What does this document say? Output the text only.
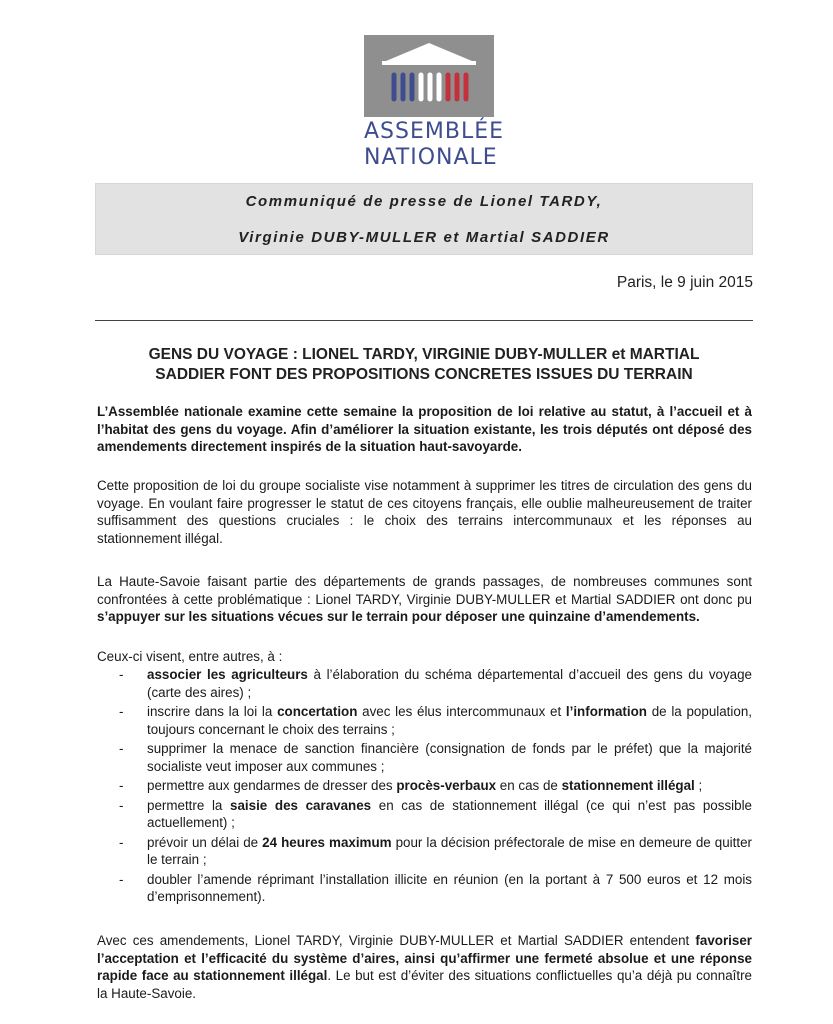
ASSEMBLÉE
NATIONALE
Communiqué de presse de Lionel TARDY,
Virginie DUBY-MULLER et Martial SADDIER
Paris, le 9 juin 2015
GENS DU VOYAGE : LIONEL TARDY, VIRGINIE DUBY-MULLER et MARTIAL
SADDIER FONT DES PROPOSITIONS CONCRETES ISSUES DU TERRAIN
L’Assemblée nationale examine cette semaine la proposition de loi relative au statut, à l’accueil et à l’habitat des gens du voyage. Afin d’améliorer la situation existante, les trois députés ont déposé des amendements directement inspirés de la situation haut-savoyarde.
Cette proposition de loi du groupe socialiste vise notamment à supprimer les titres de circulation des gens du voyage. En voulant faire progresser le statut de ces citoyens français, elle oublie malheureusement de traiter suffisamment des questions cruciales : le choix des terrains intercommunaux et les réponses au stationnement illégal.
La Haute-Savoie faisant partie des départements de grands passages, de nombreuses communes sont confrontées à cette problématique : Lionel TARDY, Virginie DUBY-MULLER et Martial SADDIER ont donc pu s’appuyer sur les situations vécues sur le terrain pour déposer une quinzaine d’amendements.
Ceux-ci visent, entre autres, à :
- associer les agriculteurs à l’élaboration du schéma départemental d’accueil des gens du voyage (carte des aires) ;
- inscrire dans la loi la concertation avec les élus intercommunaux et l’information de la population, toujours concernant le choix des terrains ;
- supprimer la menace de sanction financière (consignation de fonds par le préfet) que la majorité socialiste veut imposer aux communes ;
- permettre aux gendarmes de dresser des procès-verbaux en cas de stationnement illégal ;
- permettre la saisie des caravanes en cas de stationnement illégal (ce qui n’est pas possible actuellement) ;
- prévoir un délai de 24 heures maximum pour la décision préfectorale de mise en demeure de quitter le terrain ;
- doubler l’amende réprimant l’installation illicite en réunion (en la portant à 7 500 euros et 12 mois d’emprisonnement).
Avec ces amendements, Lionel TARDY, Virginie DUBY-MULLER et Martial SADDIER entendent favoriser l’acceptation et l’efficacité du système d’aires, ainsi qu’affirmer une fermeté absolue et une réponse rapide face au stationnement illégal. Le but est d’éviter des situations conflictuelles qu’a déjà pu connaître la Haute-Savoie.
